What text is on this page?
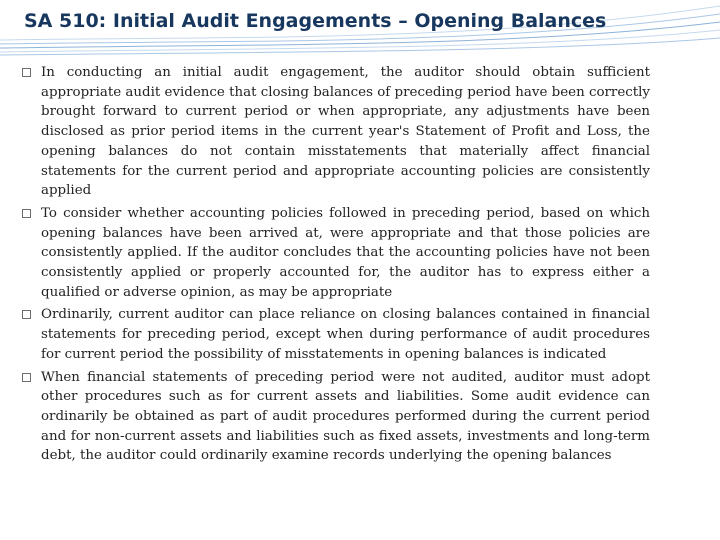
SA 510: Initial Audit Engagements – Opening Balances
In conducting an initial audit engagement, the auditor should obtain sufficient appropriate audit evidence that closing balances of preceding period have been correctly brought forward to current period or when appropriate, any adjustments have been disclosed as prior period items in the current year's Statement of Profit and Loss, the opening balances do not contain misstatements that materially affect financial statements for the current period and appropriate accounting policies are consistently applied
To consider whether accounting policies followed in preceding period, based on which opening balances have been arrived at, were appropriate and that those policies are consistently applied. If the auditor concludes that the accounting policies have not been consistently applied or properly accounted for, the auditor has to express either a qualified or adverse opinion, as may be appropriate
Ordinarily, current auditor can place reliance on closing balances contained in financial statements for preceding period, except when during performance of audit procedures for current period the possibility of misstatements in opening balances is indicated
When financial statements of preceding period were not audited, auditor must adopt other procedures such as for current assets and liabilities. Some audit evidence can ordinarily be obtained as part of audit procedures performed during the current period and for non-current assets and liabilities such as fixed assets, investments and long-term debt, the auditor could ordinarily examine records underlying the opening balances
